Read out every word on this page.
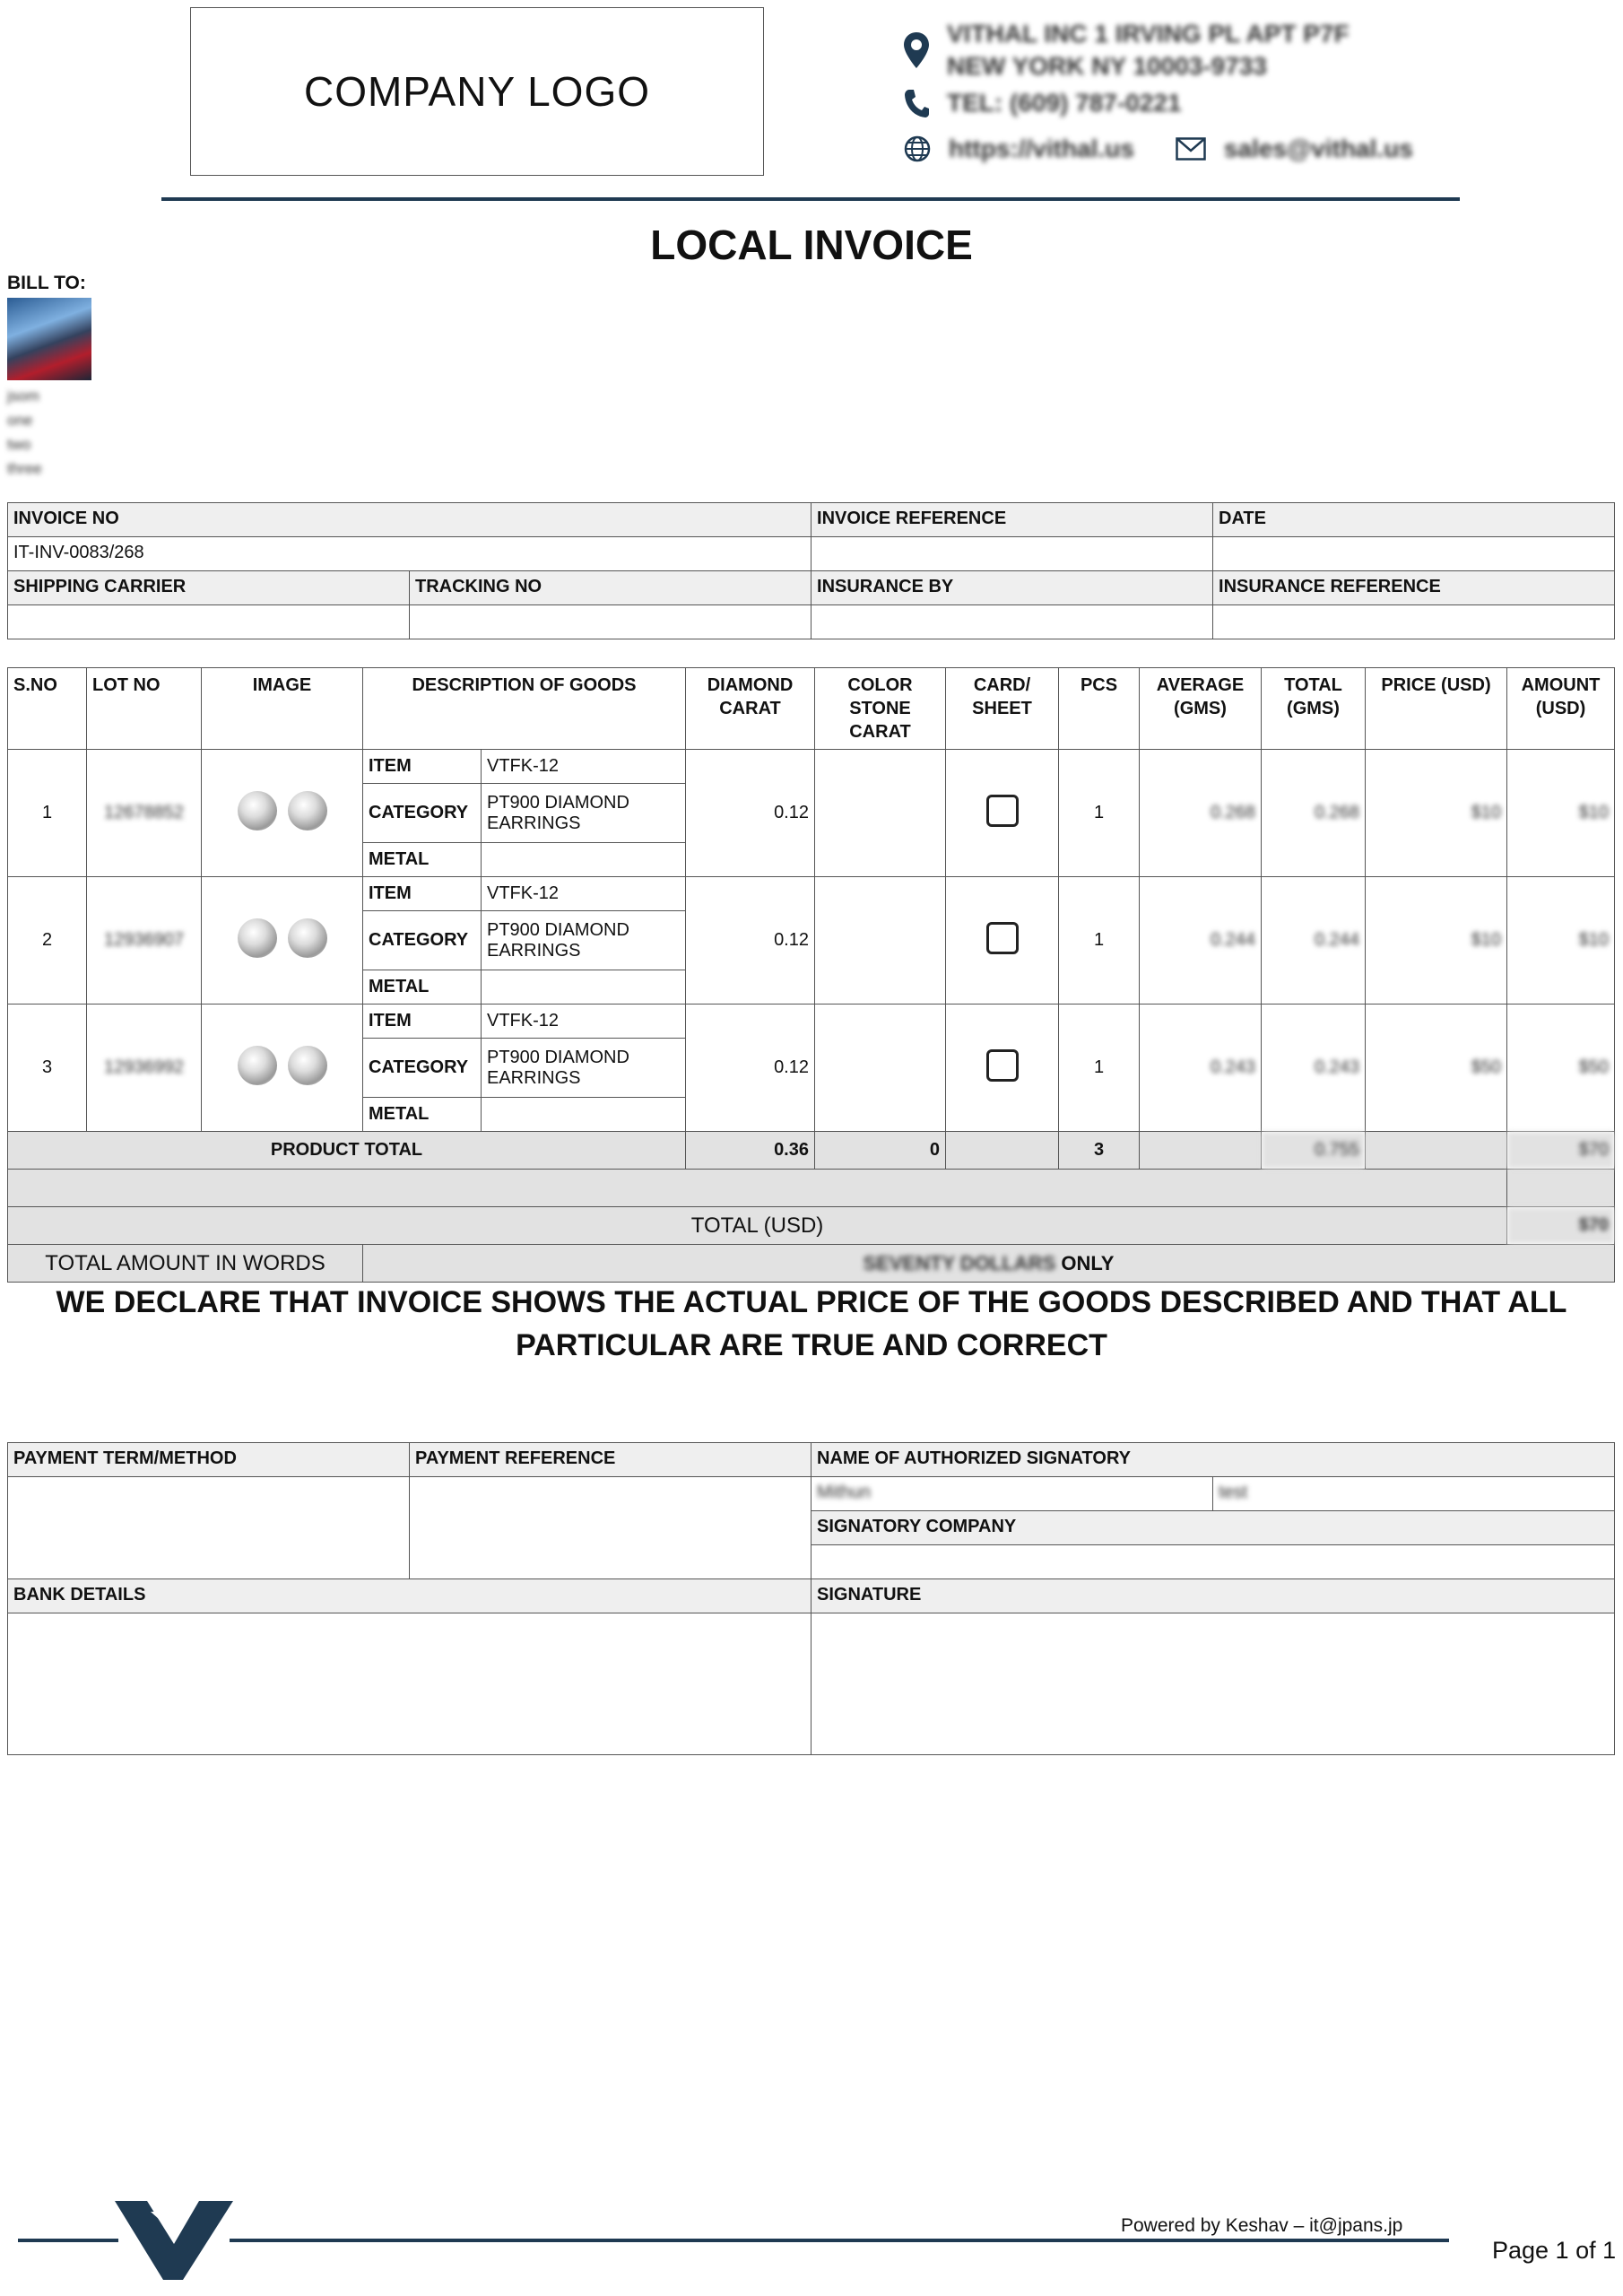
COMPANY LOGO
VITHAL INC 1 IRVING PL APT P7F
NEW YORK NY 10003-9733
TEL: (609) 787-0221
https://vithal.us	sales@vithal.us
LOCAL INVOICE
BILL TO:
jsom
one
two
three
INVOICE NO		INVOICE REFERENCE	DATE
IT-INV-0083/268			
SHIPPING CARRIER	TRACKING NO	INSURANCE BY	INSURANCE REFERENCE

S.NO	LOT NO	IMAGE	DESCRIPTION OF GOODS		DIAMOND CARAT	COLOR STONE CARAT	CARD/ SHEET	PCS	AVERAGE (GMS)	TOTAL (GMS)	PRICE (USD)	AMOUNT (USD)
1	12678852		ITEM	VTFK-12	0.12			1	0.268	0.268	$10	$10
			CATEGORY	PT900 DIAMOND EARRINGS								
			METAL									
2	12936907		ITEM	VTFK-12	0.12			1	0.244	0.244	$10	$10
			CATEGORY	PT900 DIAMOND EARRINGS								
			METAL									
3	12936992		ITEM	VTFK-12	0.12			1	0.243	0.243	$50	$50
			CATEGORY	PT900 DIAMOND EARRINGS								
			METAL									
PRODUCT TOTAL					0.36	0		3		0.755		$70

TOTAL (USD)												$70
TOTAL AMOUNT IN WORDS			SEVENTY DOLLARS ONLY									
WE DECLARE THAT INVOICE SHOWS THE ACTUAL PRICE OF THE GOODS DESCRIBED AND THAT ALL PARTICULAR ARE TRUE AND CORRECT
PAYMENT TERM/METHOD	PAYMENT REFERENCE	NAME OF AUTHORIZED SIGNATORY	
		Mithun	test
		SIGNATORY COMPANY	

BANK DETAILS		SIGNATURE	

Powered by Keshav – it@jpans.jp
Page 1 of 1
